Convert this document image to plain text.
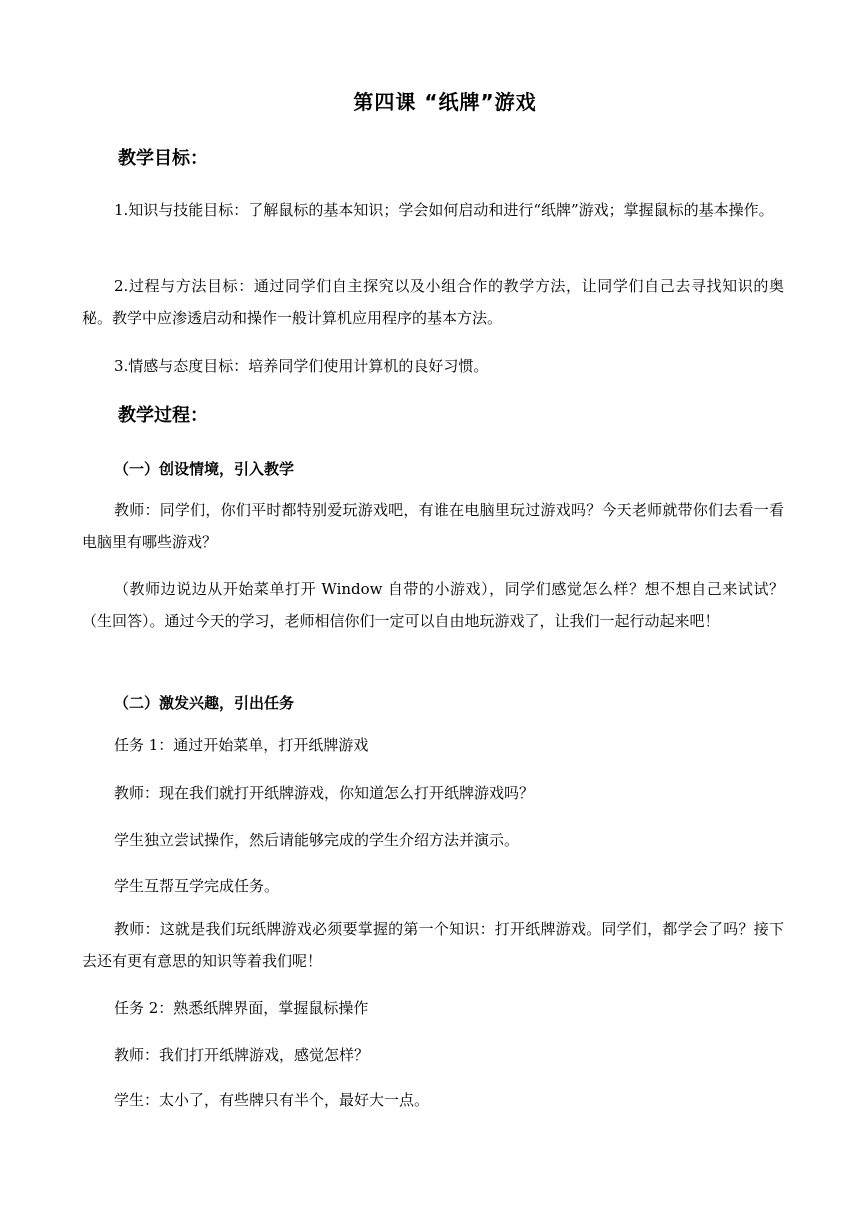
第四课 “纸牌”游戏
教学目标：
1.知识与技能目标：了解鼠标的基本知识；学会如何启动和进行“纸牌”游戏；掌握鼠标的基本操作。
2.过程与方法目标：通过同学们自主探究以及小组合作的教学方法，让同学们自己去寻找知识的奥秘。教学中应渗透启动和操作一般计算机应用程序的基本方法。
3.情感与态度目标：培养同学们使用计算机的良好习惯。
教学过程：
（一）创设情境，引入教学
教师：同学们，你们平时都特别爱玩游戏吧，有谁在电脑里玩过游戏吗？今天老师就带你们去看一看电脑里有哪些游戏？
（教师边说边从开始菜单打开 Window 自带的小游戏），同学们感觉怎么样？想不想自己来试试？（生回答）。通过今天的学习，老师相信你们一定可以自由地玩游戏了，让我们一起行动起来吧！
（二）激发兴趣，引出任务
任务 1：通过开始菜单，打开纸牌游戏
教师：现在我们就打开纸牌游戏，你知道怎么打开纸牌游戏吗？
学生独立尝试操作，然后请能够完成的学生介绍方法并演示。
学生互帮互学完成任务。
教师：这就是我们玩纸牌游戏必须要掌握的第一个知识：打开纸牌游戏。同学们，都学会了吗？接下去还有更有意思的知识等着我们呢！
任务 2：熟悉纸牌界面，掌握鼠标操作
教师：我们打开纸牌游戏，感觉怎样？
学生：太小了，有些牌只有半个，最好大一点。
